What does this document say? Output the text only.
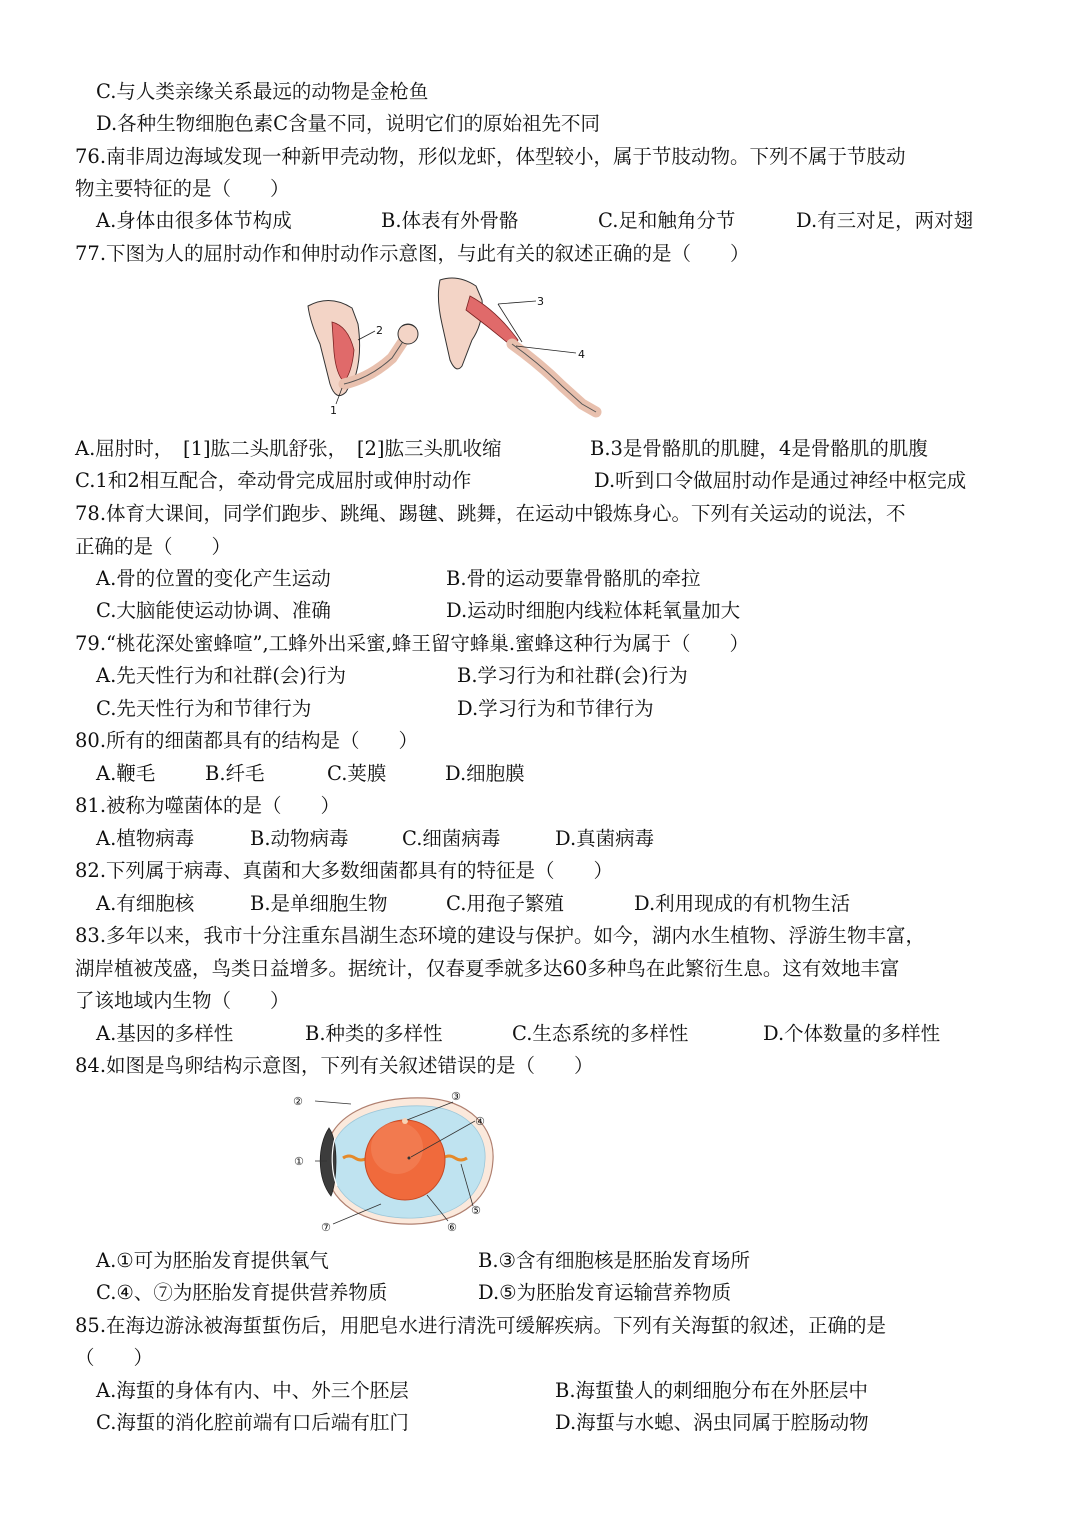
C.与人类亲缘关系最远的动物是金枪鱼
D.各种生物细胞色素C含量不同，说明它们的原始祖先不同
76.南非周边海域发现一种新甲壳动物，形似龙虾，体型较小，属于节肢动物。下列不属于节肢动
物主要特征的是（　　）
A.身体由很多体节构成	B.体表有外骨骼	C.足和触角分节	D.有三对足，两对翅
77.下图为人的屈肘动作和伸肘动作示意图，与此有关的叙述正确的是（　　）
1
2
3
4
A.屈肘时，　[1]肱二头肌舒张，　[2]肱三头肌收缩	B.3是骨骼肌的肌腱，4是骨骼肌的肌腹
C.1和2相互配合，牵动骨完成屈肘或伸肘动作	D.听到口令做屈肘动作是通过神经中枢完成
78.体育大课间，同学们跑步、跳绳、踢毽、跳舞，在运动中锻炼身心。下列有关运动的说法，不
正确的是（　　）
A.骨的位置的变化产生运动	B.骨的运动要靠骨骼肌的牵拉
C.大脑能使运动协调、准确	D.运动时细胞内线粒体耗氧量加大
79.“桃花深处蜜蜂喧”,工蜂外出采蜜,蜂王留守蜂巢.蜜蜂这种行为属于（　　）
A.先天性行为和社群(会)行为	B.学习行为和社群(会)行为
C.先天性行为和节律行为	D.学习行为和节律行为
80.所有的细菌都具有的结构是（　　）
A.鞭毛	B.纤毛	C.荚膜	D.细胞膜
81.被称为噬菌体的是（　　）
A.植物病毒	B.动物病毒	C.细菌病毒	D.真菌病毒
82.下列属于病毒、真菌和大多数细菌都具有的特征是（　　）
A.有细胞核	B.是单细胞生物	C.用孢子繁殖	D.利用现成的有机物生活
83.多年以来，我市十分注重东昌湖生态环境的建设与保护。如今，湖内水生植物、浮游生物丰富，
湖岸植被茂盛，鸟类日益增多。据统计，仅春夏季就多达60多种鸟在此繁衍生息。这有效地丰富
了该地域内生物（　　）
A.基因的多样性	B.种类的多样性	C.生态系统的多样性	D.个体数量的多样性
84.如图是鸟卵结构示意图，下列有关叙述错误的是（　　）
①
②	③
④
⑤
⑥
⑦
A.①可为胚胎发育提供氧气	B.③含有细胞核是胚胎发育场所
C.④、⑦为胚胎发育提供营养物质	D.⑤为胚胎发育运输营养物质
85.在海边游泳被海蜇蜇伤后，用肥皂水进行清洗可缓解疾病。下列有关海蜇的叙述，正确的是
（　　）
A.海蜇的身体有内、中、外三个胚层	B.海蜇蛰人的刺细胞分布在外胚层中
C.海蜇的消化腔前端有口后端有肛门	D.海蜇与水螅、涡虫同属于腔肠动物
